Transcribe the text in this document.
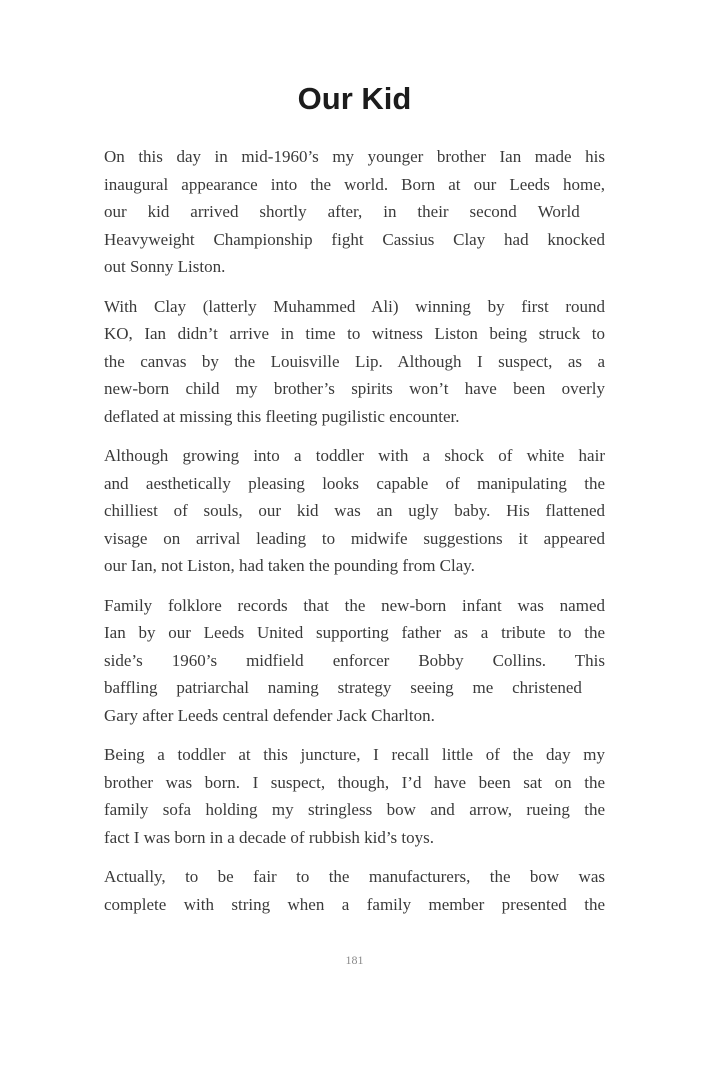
Our Kid

On this day in mid-1960’s my younger brother Ian made his
inaugural appearance into the world. Born at our Leeds home,
our kid arrived shortly after, in their second World
Heavyweight Championship fight Cassius Clay had knocked
out Sonny Liston.

With Clay (latterly Muhammed Ali) winning by first round
KO, Ian didn’t arrive in time to witness Liston being struck to
the canvas by the Louisville Lip. Although I suspect, as a
new-born child my brother’s spirits won’t have been overly
deflated at missing this fleeting pugilistic encounter.

Although growing into a toddler with a shock of white hair
and aesthetically pleasing looks capable of manipulating the
chilliest of souls, our kid was an ugly baby. His flattened
visage on arrival leading to midwife suggestions it appeared
our Ian, not Liston, had taken the pounding from Clay.

Family folklore records that the new-born infant was named
Ian by our Leeds United supporting father as a tribute to the
side’s 1960’s midfield enforcer Bobby Collins. This
baffling patriarchal naming strategy seeing me christened
Gary after Leeds central defender Jack Charlton.

Being a toddler at this juncture, I recall little of the day my
brother was born. I suspect, though, I’d have been sat on the
family sofa holding my stringless bow and arrow, rueing the
fact I was born in a decade of rubbish kid’s toys.

Actually, to be fair to the manufacturers, the bow was
complete with string when a family member presented the

181
